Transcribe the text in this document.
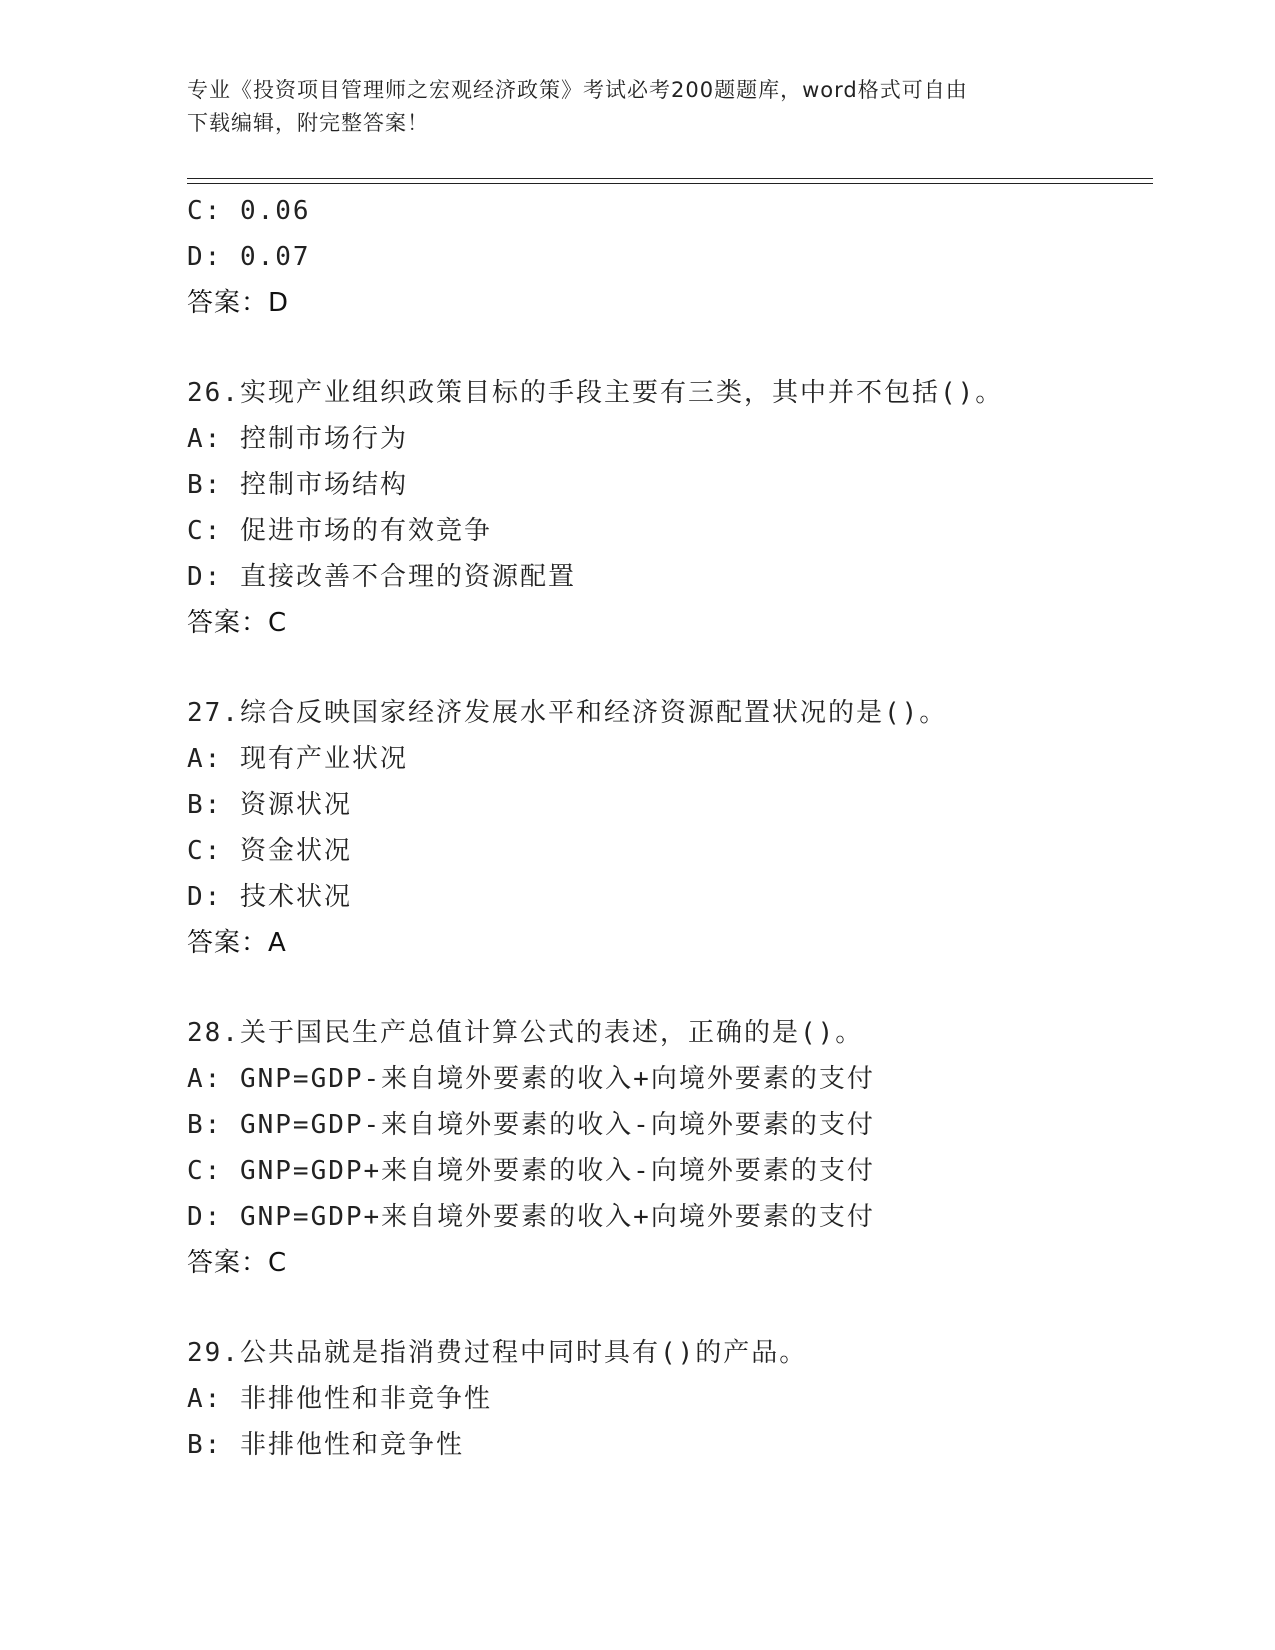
专业《投资项目管理师之宏观经济政策》考试必考200题题库，word格式可自由
下载编辑，附完整答案！
C: 0.06
D: 0.07
答案：D
26.实现产业组织政策目标的手段主要有三类，其中并不包括()。
A: 控制市场行为
B: 控制市场结构
C: 促进市场的有效竞争
D: 直接改善不合理的资源配置
答案：C
27.综合反映国家经济发展水平和经济资源配置状况的是()。
A: 现有产业状况
B: 资源状况
C: 资金状况
D: 技术状况
答案：A
28.关于国民生产总值计算公式的表述，正确的是()。
A: GNP=GDP-来自境外要素的收入+向境外要素的支付
B: GNP=GDP-来自境外要素的收入-向境外要素的支付
C: GNP=GDP+来自境外要素的收入-向境外要素的支付
D: GNP=GDP+来自境外要素的收入+向境外要素的支付
答案：C
29.公共品就是指消费过程中同时具有()的产品。
A: 非排他性和非竞争性
B: 非排他性和竞争性
